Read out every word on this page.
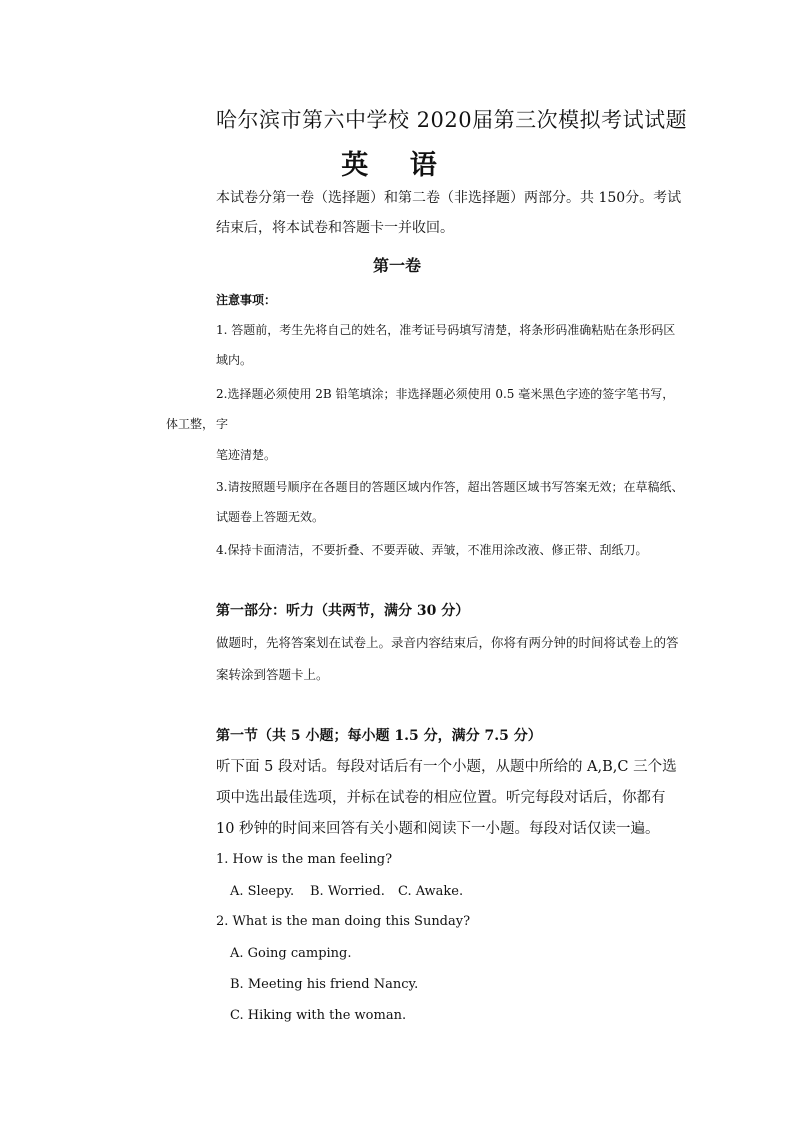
哈尔滨市第六中学校 2020届第三次模拟考试试题
英 语
本试卷分第一卷（选择题）和第二卷（非选择题）两部分。共 150分。考试结束后，将本试卷和答题卡一并收回。
第一卷
注意事项：
1. 答题前，考生先将自己的姓名，准考证号码填写清楚，将条形码准确粘贴在条形码区域内。
2.选择题必须使用 2B 铅笔填涂；非选择题必须使用 0.5 毫米黑色字迹的签字笔书写，字
体工整，
笔迹清楚。
3.请按照题号顺序在各题目的答题区域内作答，超出答题区域书写答案无效；在草稿纸、试题卷上答题无效。
4.保持卡面清洁，不要折叠、不要弄破、弄皱，不准用涂改液、修正带、刮纸刀。
第一部分：听力（共两节，满分 30 分）
做题时，先将答案划在试卷上。录音内容结束后，你将有两分钟的时间将试卷上的答案转涂到答题卡上。
第一节（共 5 小题；每小题 1.5 分，满分 7.5 分）
听下面 5 段对话。每段对话后有一个小题，从题中所给的 A,B,C 三个选项中选出最佳选项，并标在试卷的相应位置。听完每段对话后，你都有 10 秒钟的时间来回答有关小题和阅读下一小题。每段对话仅读一遍。
1. How is the man feeling?
A. Sleepy. B. Worried. C. Awake.
2. What is the man doing this Sunday?
A. Going camping.
B. Meeting his friend Nancy.
C. Hiking with the woman.
